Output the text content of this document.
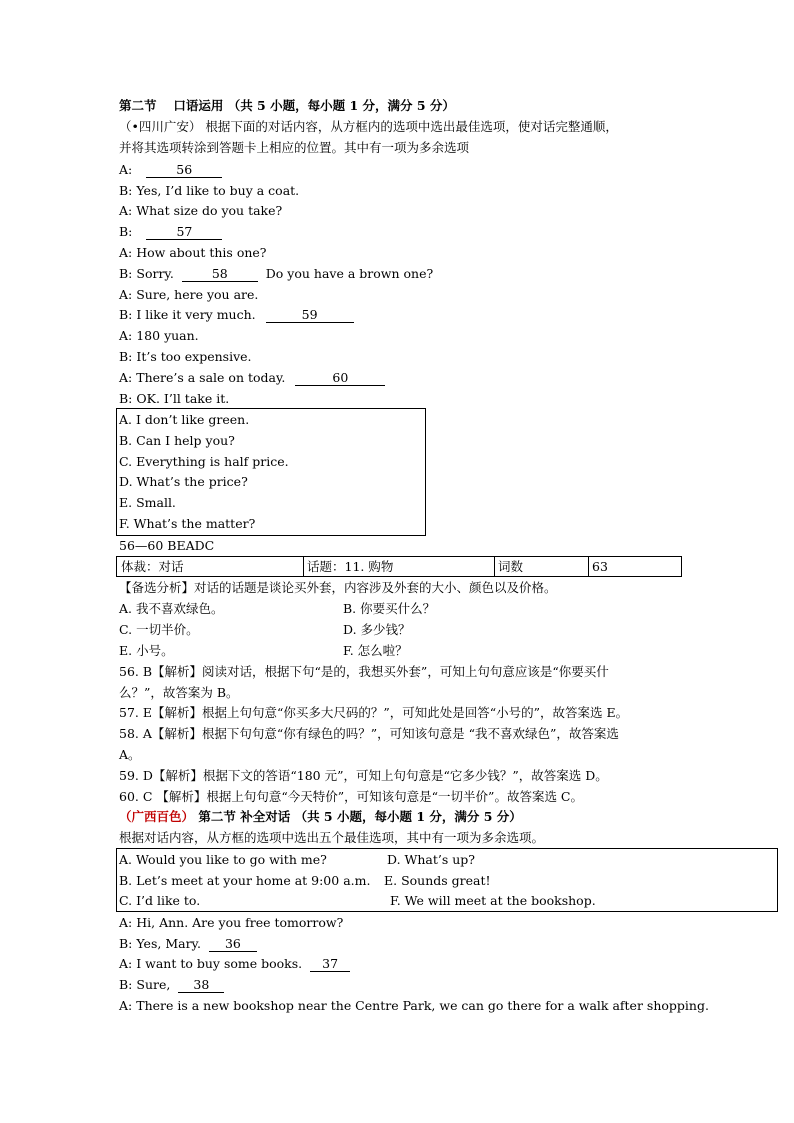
第二节　 口语运用 （共 5 小题，每小题 1 分，满分 5 分）
（•四川广安） 根据下面的对话内容，从方框内的选项中选出最佳选项，使对话完整通顺，
并将其选项转涂到答题卡上相应的位置。其中有一项为多余选项
A:	56
B: Yes, I’d like to buy a coat.
A: What size do you take?
B:	57
A: How about this one?
B: Sorry.	58	Do you have a brown one?
A: Sure, here you are.
B: I like it very much.	59
A: 180 yuan.
B: It’s too expensive.
A: There’s a sale on today.	60
B: OK. I’ll take it.
A. I don’t like green.
B. Can I help you?
C. Everything is half price.
D. What’s the price?
E. Small.
F. What’s the matter?
56—60 BEADC
体裁：对话	话题：11. 购物	词数	63
【备选分析】对话的话题是谈论买外套，内容涉及外套的大小、颜色以及价格。
A. 我不喜欢绿色。	B. 你要买什么？
C. 一切半价。	D. 多少钱？
E. 小号。	F. 怎么啦？
56. B【解析】阅读对话，根据下句“是的，我想买外套”，可知上句句意应该是“你要买什
么？”，故答案为 B。
57. E【解析】根据上句句意“你买多大尺码的？”，可知此处是回答“小号的”，故答案选 E。
58. A【解析】根据下句句意“你有绿色的吗？”，可知该句意是 “我不喜欢绿色”，故答案选
A。
59. D【解析】根据下文的答语“180 元”，可知上句句意是“它多少钱？”，故答案选 D。
60. C 【解析】根据上句句意“今天特价”，可知该句意是“一切半价”。故答案选 C。
（广西百色） 第二节 补全对话 （共 5 小题，每小题 1 分，满分 5 分）
根据对话内容，从方框的选项中选出五个最佳选项，其中有一项为多余选项。
A. Would you like to go with me?	D. What’s up?
B. Let’s meet at your home at 9:00 a.m. E. Sounds great!
C. I’d like to.	F. We will meet at the bookshop.
A: Hi, Ann. Are you free tomorrow?
B: Yes, Mary. 36
A: I want to buy some books. 37
B: Sure, 38
A: There is a new bookshop near the Centre Park, we can go there for a walk after shopping.
